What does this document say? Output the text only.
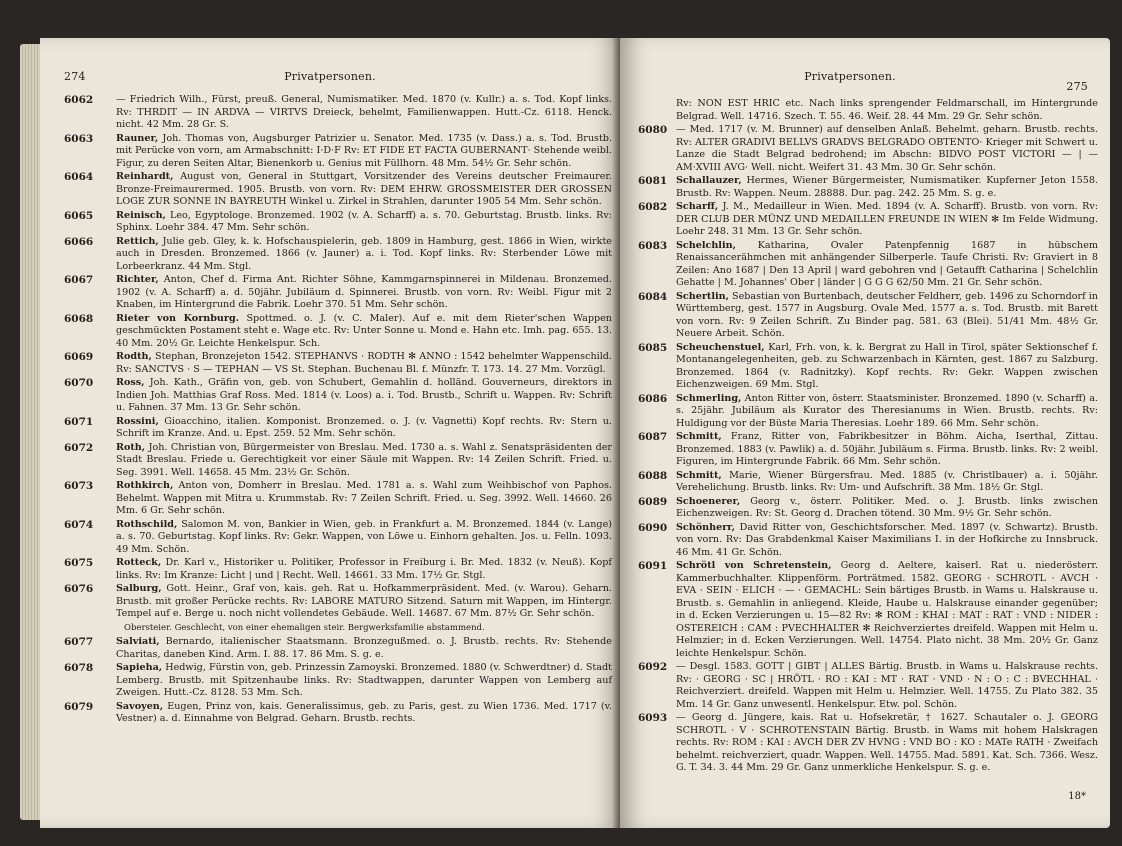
274	Privatpersonen.

6062 — Friedrich Wilh., Fürst, preuß. General, Numismatiker. Med. 1870 (v. Kullr.) a. s. Tod. Kopf links. Rv: THRDIT — IN ARDVA — VIRTVS Dreieck, behelmt, Familienwappen. Hutt.-Cz. 6118. Henck. nicht. 42 Mm. 28 Gr. S.

6063 Rauner, Joh. Thomas von, Augsburger Patrizier u. Senator. Med. 1735 (v. Dass.) a. s. Tod. Brustb. mit Perücke von vorn, am Armabschnitt: I·D·F Rv: ET FIDE ET FACTA GUBERNANT· Stehende weibl. Figur, zu deren Seiten Altar, Bienenkorb u. Genius mit Füllhorn. 48 Mm. 54½ Gr. Sehr schön.

6064 Reinhardt, August von, General in Stuttgart, Vorsitzender des Vereins deutscher Freimaurer. Bronze-Freimaurermed. 1905. Brustb. von vorn. Rv: DEM EHRW. GROSSMEISTER DER GROSSEN LOGE ZUR SONNE IN BAYREUTH Winkel u. Zirkel in Strahlen, darunter 1905 54 Mm. Sehr schön.

6065 Reinisch, Leo, Egyptologe. Bronzemed. 1902 (v. A. Scharff) a. s. 70. Geburtstag. Brustb. links. Rv: Sphinx. Loehr 384. 47 Mm. Sehr schön.

6066 Rettich, Julie geb. Gley, k. k. Hofschauspielerin, geb. 1809 in Hamburg, gest. 1866 in Wien, wirkte auch in Dresden. Bronzemed. 1866 (v. Jauner) a. i. Tod. Kopf links. Rv: Sterbender Löwe mit Lorbeerkranz. 44 Mm. Stgl.

6067 Richter, Anton, Chef d. Firma Ant. Richter Söhne, Kammgarnspinnerei in Mildenau. Bronzemed. 1902 (v. A. Scharff) a. d. 50jähr. Jubiläum d. Spinnerei. Brustb. von vorn. Rv: Weibl. Figur mit 2 Knaben, im Hintergrund die Fabrik. Loehr 370. 51 Mm. Sehr schön.

6068 Rieter von Kornburg. Spottmed. o. J. (v. C. Maler). Auf e. mit dem Rieter'schen Wappen geschmückten Postament steht e. Wage etc. Rv: Unter Sonne u. Mond e. Hahn etc. Imh. pag. 655. 13. 40 Mm. 20½ Gr. Leichte Henkelspur. Sch.

6069 Rodth, Stephan, Bronzejeton 1542. STEPHANVS · RODTH ✻ ANNO : 1542 behelmter Wappenschild. Rv: SANCTVS · S — TEPHAN — VS St. Stephan. Buchenau Bl. f. Münzfr. T. 173. 14. 27 Mm. Vorzügl.

6070 Ross, Joh. Kath., Gräfin von, geb. von Schubert, Gemahlin d. holländ. Gouverneurs, direktors in Indien Joh. Matthias Graf Ross. Med. 1814 (v. Loos) a. i. Tod. Brustb., Schrift u. Wappen. Rv: Schrift u. Fahnen. 37 Mm. 13 Gr. Sehr schön.

6071 Rossini, Gioacchino, italien. Komponist. Bronzemed. o. J. (v. Vagnetti) Kopf rechts. Rv: Stern u. Schrift im Kranze. And. u. Epst. 259. 52 Mm. Sehr schön.

6072 Roth, Joh. Christian von, Bürgermeister von Breslau. Med. 1730 a. s. Wahl z. Senatspräsidenten der Stadt Breslau. Friede u. Gerechtigkeit vor einer Säule mit Wappen. Rv: 14 Zeilen Schrift. Fried. u. Seg. 3991. Well. 14658. 45 Mm. 23½ Gr. Schön.

6073 Rothkirch, Anton von, Domherr in Breslau. Med. 1781 a. s. Wahl zum Weihbischof von Paphos. Behelmt. Wappen mit Mitra u. Krummstab. Rv: 7 Zeilen Schrift. Fried. u. Seg. 3992. Well. 14660. 26 Mm. 6 Gr. Sehr schön.

6074 Rothschild, Salomon M. von, Bankier in Wien, geb. in Frankfurt a. M. Bronzemed. 1844 (v. Lange) a. s. 70. Geburtstag. Kopf links. Rv: Gekr. Wappen, von Löwe u. Einhorn gehalten. Jos. u. Felln. 1093. 49 Mm. Schön.

6075 Rotteck, Dr. Karl v., Historiker u. Politiker, Professor in Freiburg i. Br. Med. 1832 (v. Neuß). Kopf links. Rv: Im Kranze: Licht | und | Recht. Well. 14661. 33 Mm. 17½ Gr. Stgl.

6076 Salburg, Gott. Heinr., Graf von, kais. geh. Rat u. Hofkammerpräsident. Med. (v. Warou). Geharn. Brustb. mit großer Perücke rechts. Rv: LABORE MATURO Sitzend. Saturn mit Wappen, im Hintergr. Tempel auf e. Berge u. noch nicht vollendetes Gebäude. Well. 14687. 67 Mm. 87½ Gr. Sehr schön.

Obersteier. Geschlecht, von einer ehemaligen steir. Bergwerksfamilie abstammend.

6077 Salviati, Bernardo, italienischer Staatsmann. Bronzegußmed. o. J. Brustb. rechts. Rv: Stehende Charitas, daneben Kind. Arm. I. 88. 17. 86 Mm. S. g. e.

6078 Sapieha, Hedwig, Fürstin von, geb. Prinzessin Zamoyski. Bronzemed. 1880 (v. Schwerdtner) d. Stadt Lemberg. Brustb. mit Spitzenhaube links. Rv: Stadtwappen, darunter Wappen von Lemberg auf Zweigen. Hutt.-Cz. 8128. 53 Mm. Sch.

6079 Savoyen, Eugen, Prinz von, kais. Generalissimus, geb. zu Paris, gest. zu Wien 1736. Med. 1717 (v. Vestner) a. d. Einnahme von Belgrad. Geharn. Brustb. rechts.

Privatpersonen.
275

Rv: NON EST HRIC etc. Nach links sprengender Feldmarschall, im Hintergrunde Belgrad. Well. 14716. Szech. T. 55. 46. Weif. 28. 44 Mm. 29 Gr. Sehr schön.

6080 — Med. 1717 (v. M. Brunner) auf denselben Anlaß. Behelmt. geharn. Brustb. rechts. Rv: ALTER GRADIVI BELLVS GRADVS BELGRADO OBTENTO· Krieger mit Schwert u. Lanze die Stadt Belgrad bedrohend; im Abschn: BIDVO POST VICTORI — | — AM·XVIII AVG· Well. nicht. Weifert 31. 43 Mm. 30 Gr. Sehr schön.

6081 Schallauzer, Hermes, Wiener Bürgermeister, Numismatiker. Kupferner Jeton 1558. Brustb. Rv: Wappen. Neum. 28888. Dur. pag. 242. 25 Mm. S. g. e.

6082 Scharff, J. M., Medailleur in Wien. Med. 1894 (v. A. Scharff). Brustb. von vorn. Rv: DER CLUB DER MÜNZ UND MEDAILLEN FREUNDE IN WIEN ✻ Im Felde Widmung. Loehr 248. 31 Mm. 13 Gr. Sehr schön.

6083 Schelchlin, Katharina, Ovaler Patenpfennig 1687 in hübschem Renaissancerähmchen mit anhängender Silberperle. Taufe Christi. Rv: Graviert in 8 Zeilen: Ano 1687 | Den 13 April | ward gebohren vnd | Getaufft Catharina | Schelchlin Gehatte | M. Johannes' Ober | länder | G G G 62/50 Mm. 21 Gr. Sehr schön.

6084 Schertlin, Sebastian von Burtenbach, deutscher Feldherr, geb. 1496 zu Schorndorf in Württemberg, gest. 1577 in Augsburg. Ovale Med. 1577 a. s. Tod. Brustb. mit Barett von vorn. Rv: 9 Zeilen Schrift. Zu Binder pag. 581. 63 (Blei). 51/41 Mm. 48½ Gr. Neuere Arbeit. Schön.

6085 Scheuchenstuel, Karl, Frh. von, k. k. Bergrat zu Hall in Tirol, später Sektionschef f. Montanangelegenheiten, geb. zu Schwarzenbach in Kärnten, gest. 1867 zu Salzburg. Bronzemed. 1864 (v. Radnitzky). Kopf rechts. Rv: Gekr. Wappen zwischen Eichenzweigen. 69 Mm. Stgl.

6086 Schmerling, Anton Ritter von, österr. Staatsminister. Bronzemed. 1890 (v. Scharff) a. s. 25jähr. Jubiläum als Kurator des Theresianums in Wien. Brustb. rechts. Rv: Huldigung vor der Büste Maria Theresias. Loehr 189. 66 Mm. Sehr schön.

6087 Schmitt, Franz, Ritter von, Fabrikbesitzer in Böhm. Aicha, Iserthal, Zittau. Bronzemed. 1883 (v. Pawlik) a. d. 50jähr. Jubiläum s. Firma. Brustb. links. Rv: 2 weibl. Figuren, im Hintergrunde Fabrik. 66 Mm. Sehr schön.

6088 Schmitt, Marie, Wiener Bürgersfrau. Med. 1885 (v. Christlbauer) a. i. 50jähr. Verehelichung. Brustb. links. Rv: Um- und Aufschrift. 38 Mm. 18½ Gr. Stgl.

6089 Schoenerer, Georg v., österr. Politiker. Med. o. J. Brustb. links zwischen Eichenzweigen. Rv: St. Georg d. Drachen tötend. 30 Mm. 9½ Gr. Sehr schön.

6090 Schönherr, David Ritter von, Geschichtsforscher. Med. 1897 (v. Schwartz). Brustb. von vorn. Rv: Das Grabdenkmal Kaiser Maximilians I. in der Hofkirche zu Innsbruck. 46 Mm. 41 Gr. Schön.

6091 Schrötl von Schretenstein, Georg d. Aeltere, kaiserl. Rat u. niederösterr. Kammerbuchhalter. Klippenförm. Porträtmed. 1582. GEORG · SCHROTL · AVCH · EVA · SEIN · ELICH · — · GEMACHL: Sein bärtiges Brustb. in Wams u. Halskrause u. Brustb. s. Gemahlin in anliegend. Kleide, Haube u. Halskrause einander gegenüber; in d. Ecken Verzierungen u. 15—82 Rv: ✻ ROM : KHAI : MAT : RAT : VND : NIDER : OSTEREICH : CAM : PVECHHALTER ✻ Reichverziertes dreifeld. Wappen mit Helm u. Helmzier; in d. Ecken Verzierungen. Well. 14754. Plato nicht. 38 Mm. 20½ Gr. Ganz leichte Henkelspur. Schön.

6092 — Desgl. 1583. GOTT | GIBT | ALLES Bärtig. Brustb. in Wams u. Halskrause rechts. Rv: · GEORG · SC | HRÖTL · RO : KAI : MT · RAT · VND · N : O : C : BVECHHAL · Reichverziert. dreifeld. Wappen mit Helm u. Helmzier. Well. 14755. Zu Plato 382. 35 Mm. 14 Gr. Ganz unwesentl. Henkelspur. Etw. pol. Schön.

6093 — Georg d. Jüngere, kais. Rat u. Hofsekretär, † 1627. Schautaler o. J. GEORG SCHROTL · V · SCHROTENSTAIN Bärtig. Brustb. in Wams mit hohem Halskragen rechts. Rv: ROM : KAI : AVCH DER ZV HVNG : VND BO : KO : MATe RATH · Zweifach behelmt. reichverziert, quadr. Wappen. Well. 14755. Mad. 5891. Kat. Sch. 7366. Wesz. G. T. 34. 3. 44 Mm. 29 Gr. Ganz unmerkliche Henkelspur. S. g. e.

18*
